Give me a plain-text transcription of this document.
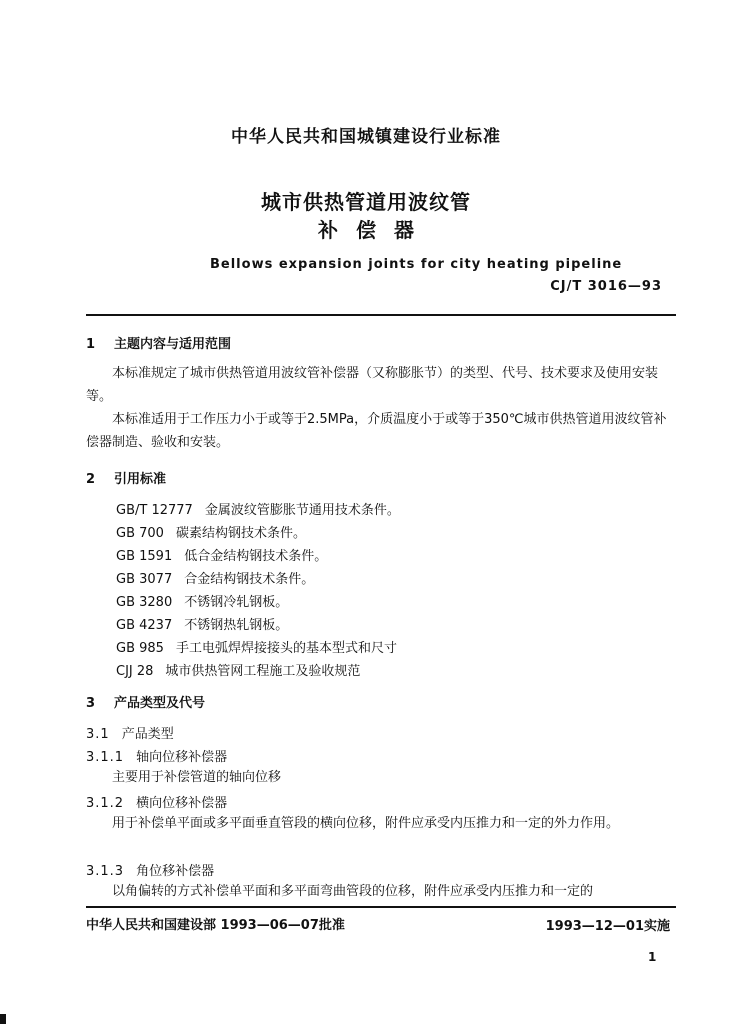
中华人民共和国城镇建设行业标准
城市供热管道用波纹管
补偿器
Bellows expansion joints for city heating pipeline
CJ/T 3016—93
1 主题内容与适用范围
本标准规定了城市供热管道用波纹管补偿器（又称膨胀节）的类型、代号、技术要求及使用安装等。
本标准适用于工作压力小于或等于2.5MPa，介质温度小于或等于350℃城市供热管道用波纹管补偿器制造、验收和安装。
2 引用标准
GB/T 12777 金属波纹管膨胀节通用技术条件。
GB 700 碳素结构钢技术条件。
GB 1591 低合金结构钢技术条件。
GB 3077 合金结构钢技术条件。
GB 3280 不锈钢冷轧钢板。
GB 4237 不锈钢热轧钢板。
GB 985 手工电弧焊焊接接头的基本型式和尺寸
CJJ 28 城市供热管网工程施工及验收规范
3 产品类型及代号
3.1 产品类型
3.1.1 轴向位移补偿器
主要用于补偿管道的轴向位移
3.1.2 横向位移补偿器
用于补偿单平面或多平面垂直管段的横向位移，附件应承受内压推力和一定的外力作用。
3.1.3 角位移补偿器
以角偏转的方式补偿单平面和多平面弯曲管段的位移，附件应承受内压推力和一定的
中华人民共和国建设部 1993—06—07批准	1993—12—01实施
1
